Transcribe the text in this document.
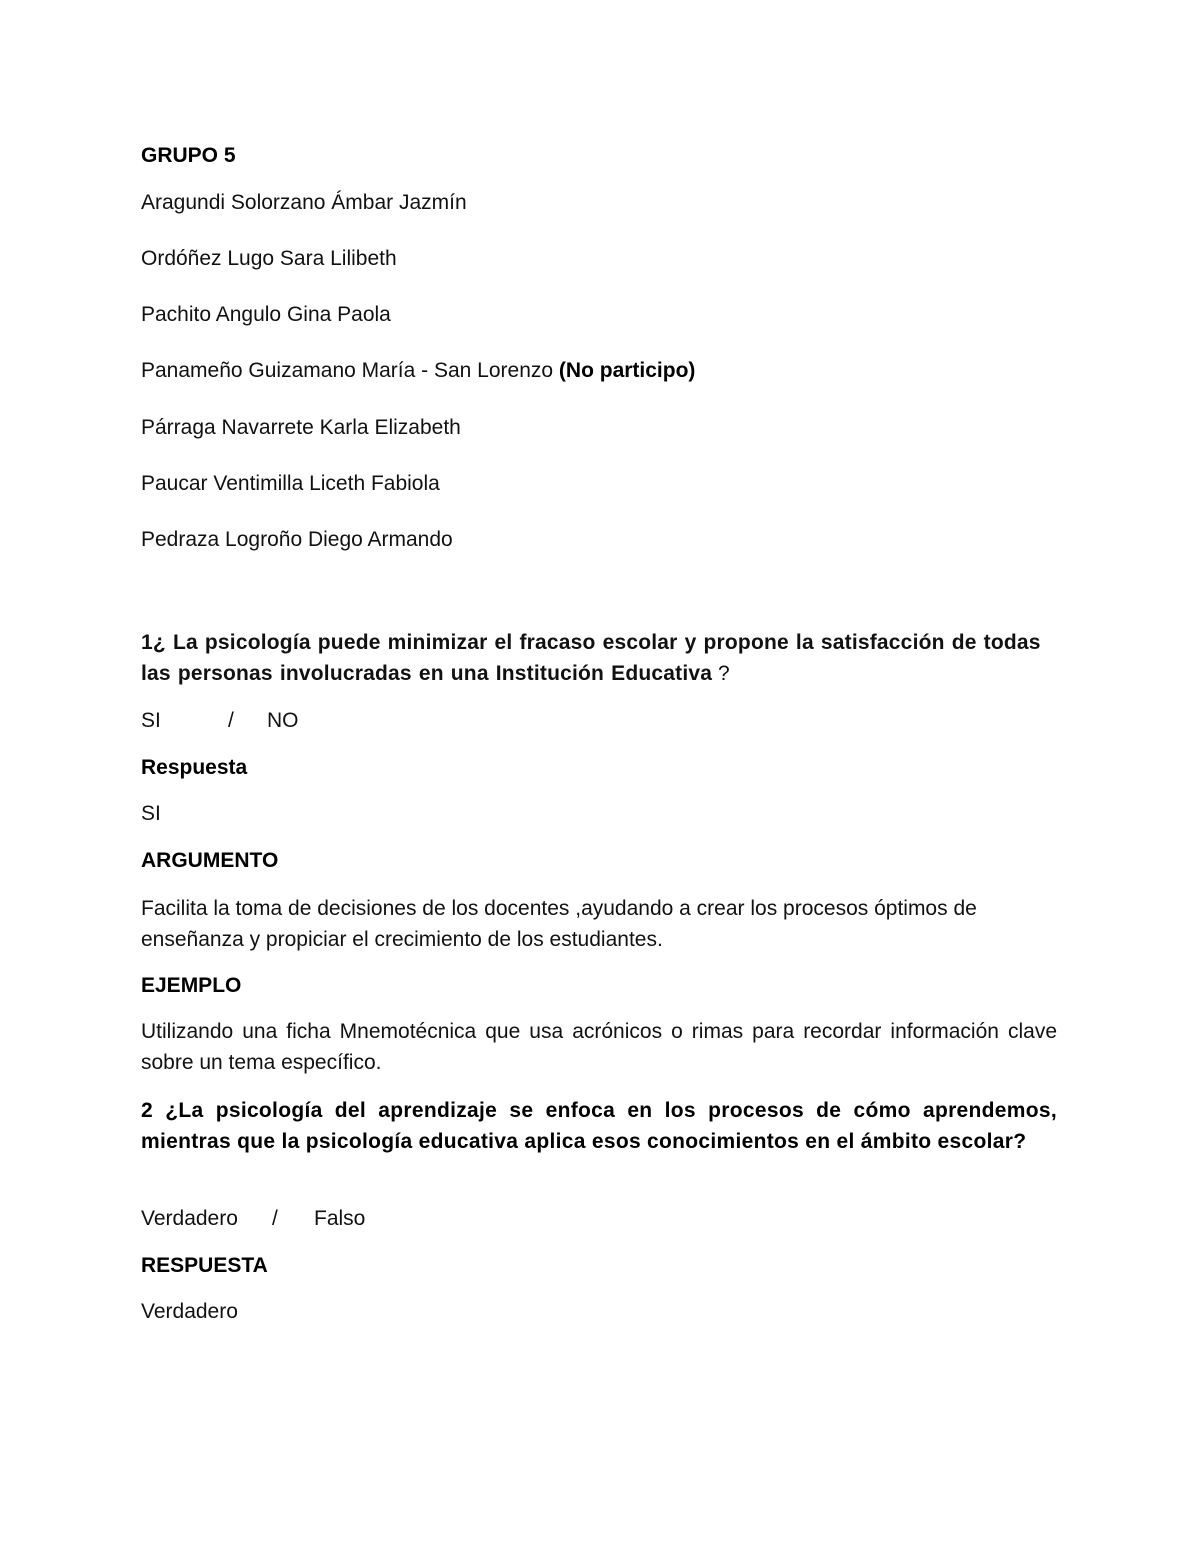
GRUPO 5
Aragundi Solorzano Ámbar Jazmín
Ordóñez Lugo Sara Lilibeth
Pachito Angulo Gina Paola
Panameño Guizamano María - San Lorenzo (No participo)
Párraga Navarrete Karla Elizabeth
Paucar Ventimilla Liceth Fabiola
Pedraza Logroño Diego Armando
1¿ La psicología puede minimizar el fracaso escolar y propone la satisfacción de todas las personas involucradas en una Institución Educativa ?
SI	/ NO
Respuesta
SI
ARGUMENTO
Facilita la toma de decisiones de los docentes ,ayudando a crear los procesos óptimos de enseñanza y propiciar el crecimiento de los estudiantes.
EJEMPLO
Utilizando una ficha Mnemotécnica que usa acrónicos o rimas para recordar información clave sobre un tema específico.
2 ¿La psicología del aprendizaje se enfoca en los procesos de cómo aprendemos, mientras que la psicología educativa aplica esos conocimientos en el ámbito escolar?
Verdadero / Falso
RESPUESTA
Verdadero
